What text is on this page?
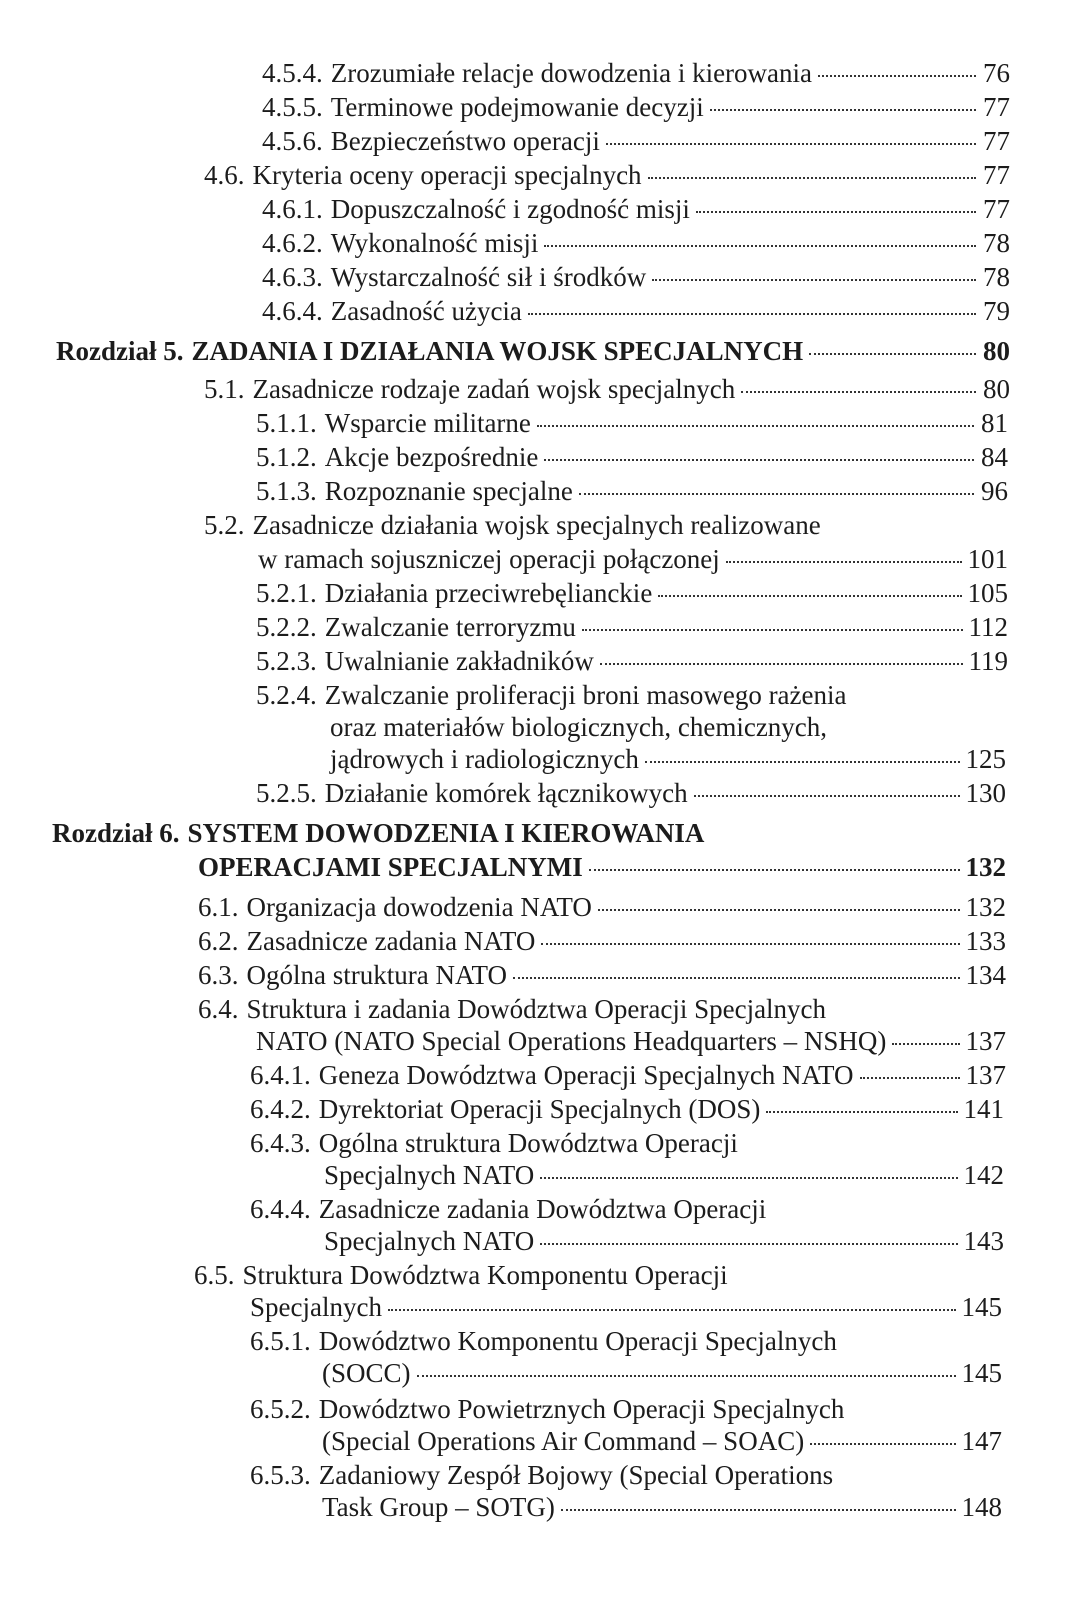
4.5.4. Zrozumiałe relacje dowodzenia i kierowania	76
4.5.5. Terminowe podejmowanie decyzji	77
4.5.6. Bezpieczeństwo operacji	77
4.6. Kryteria oceny operacji specjalnych	77
4.6.1. Dopuszczalność i zgodność misji	77
4.6.2. Wykonalność misji	78
4.6.3. Wystarczalność sił i środków	78
4.6.4. Zasadność użycia	79
Rozdział 5. ZADANIA I DZIAŁANIA WOJSK SPECJALNYCH	80
5.1. Zasadnicze rodzaje zadań wojsk specjalnych	80
5.1.1. Wsparcie militarne	81
5.1.2. Akcje bezpośrednie	84
5.1.3. Rozpoznanie specjalne	96
5.2. Zasadnicze działania wojsk specjalnych realizowane
w ramach sojuszniczej operacji połączonej	101
5.2.1. Działania przeciwrebęlianckie	105
5.2.2. Zwalczanie terroryzmu	112
5.2.3. Uwalnianie zakładników	119
5.2.4. Zwalczanie proliferacji broni masowego rażenia
oraz materiałów biologicznych, chemicznych,
jądrowych i radiologicznych	125
5.2.5. Działanie komórek łącznikowych	130
Rozdział 6. SYSTEM DOWODZENIA I KIEROWANIA
OPERACJAMI SPECJALNYMI	132
6.1. Organizacja dowodzenia NATO	132
6.2. Zasadnicze zadania NATO	133
6.3. Ogólna struktura NATO	134
6.4. Struktura i zadania Dowództwa Operacji Specjalnych
NATO (NATO Special Operations Headquarters – NSHQ)	137
6.4.1. Geneza Dowództwa Operacji Specjalnych NATO	137
6.4.2. Dyrektoriat Operacji Specjalnych (DOS)	141
6.4.3. Ogólna struktura Dowództwa Operacji
Specjalnych NATO	142
6.4.4. Zasadnicze zadania Dowództwa Operacji
Specjalnych NATO	143
6.5. Struktura Dowództwa Komponentu Operacji
Specjalnych	145
6.5.1. Dowództwo Komponentu Operacji Specjalnych
(SOCC)	145
6.5.2. Dowództwo Powietrznych Operacji Specjalnych
(Special Operations Air Command – SOAC)	147
6.5.3. Zadaniowy Zespół Bojowy (Special Operations
Task Group – SOTG)	148
